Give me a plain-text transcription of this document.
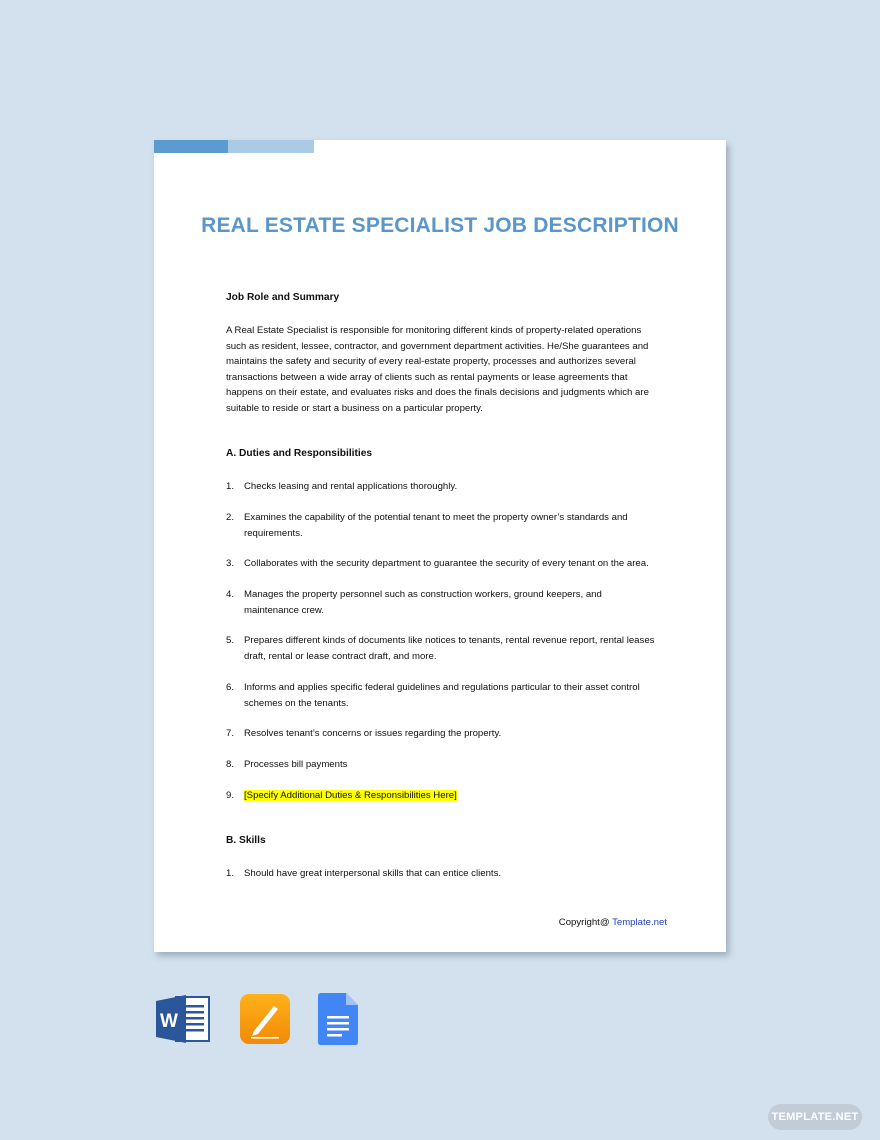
REAL ESTATE SPECIALIST JOB DESCRIPTION
Job Role and Summary
A Real Estate Specialist is responsible for monitoring different kinds of property-related operations
such as resident, lessee, contractor, and government department activities. He/She guarantees and
maintains the safety and security of every real-estate property, processes and authorizes several
transactions between a wide array of clients such as rental payments or lease agreements that
happens on their estate, and evaluates risks and does the finals decisions and judgments which are
suitable to reside or start a business on a particular property.
A. Duties and Responsibilities
1.	Checks leasing and rental applications thoroughly.
2.	Examines the capability of the potential tenant to meet the property owner’s standards and requirements.
3.	Collaborates with the security department to guarantee the security of every tenant on the area.
4.	Manages the property personnel such as construction workers, ground keepers, and maintenance crew.
5.	Prepares different kinds of documents like notices to tenants, rental revenue report, rental leases draft, rental or lease contract draft, and more.
6.	Informs and applies specific federal guidelines and regulations particular to their asset control schemes on the tenants.
7.	Resolves tenant’s concerns or issues regarding the property.
8.	Processes bill payments
9.	[Specify Additional Duties & Responsibilities Here]
B. Skills
1.	Should have great interpersonal skills that can entice clients.
Copyright@ Template.net
W
TEMPLATE.NET
